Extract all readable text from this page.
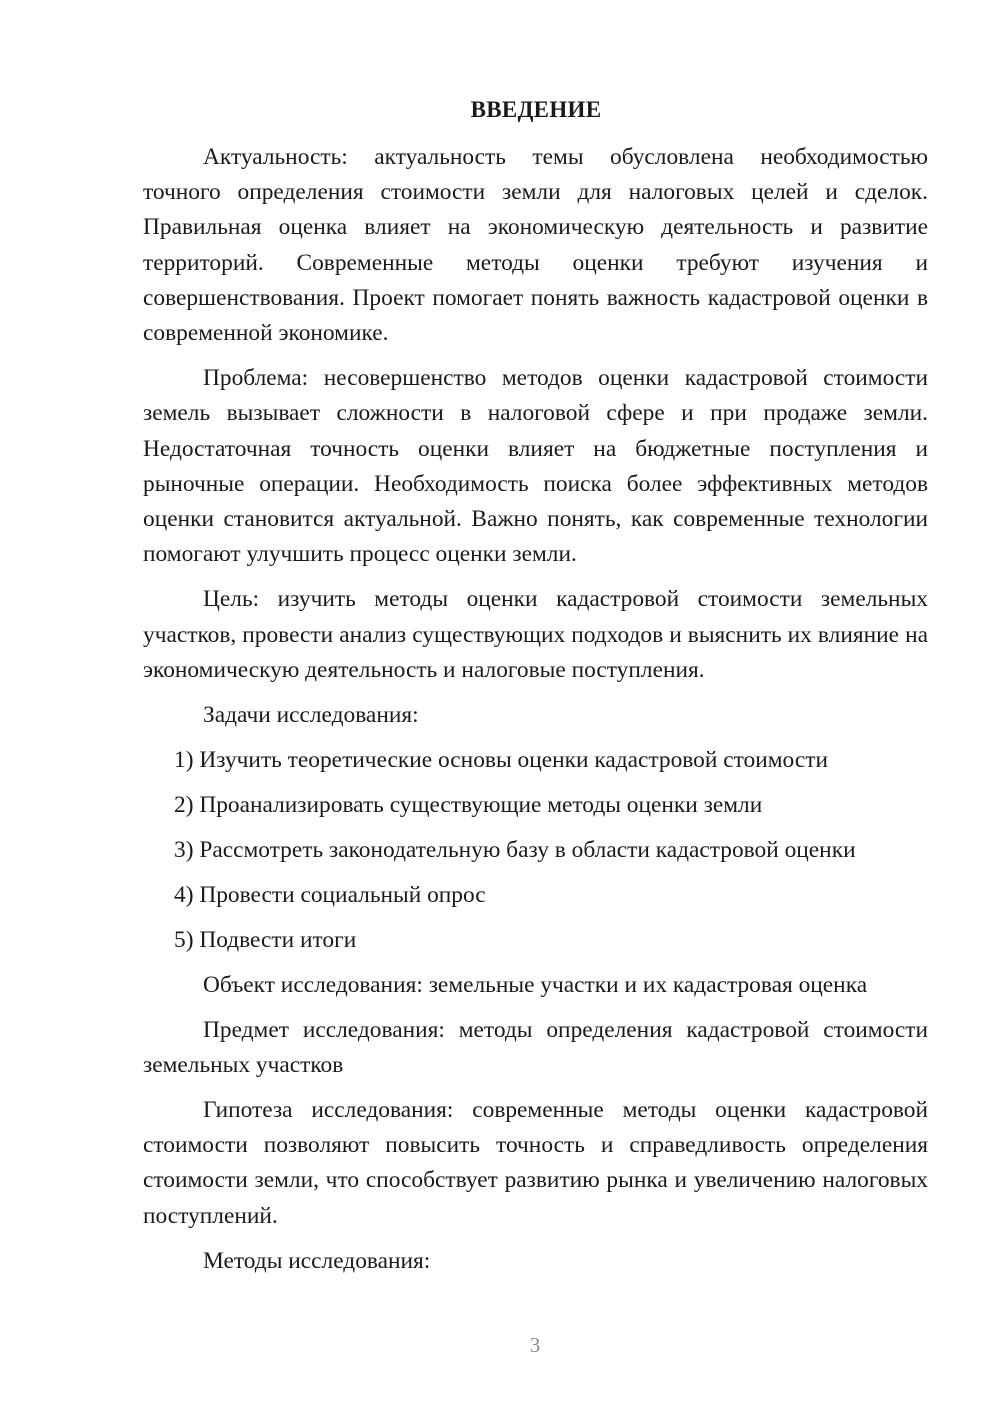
ВВЕДЕНИЕ

Актуальность: актуальность темы обусловлена необходимостью точного определения стоимости земли для налоговых целей и сделок. Правильная оценка влияет на экономическую деятельность и развитие территорий. Современные методы оценки требуют изучения и совершенствования. Проект помогает понять важность кадастровой оценки в современной экономике.

Проблема: несовершенство методов оценки кадастровой стоимости земель вызывает сложности в налоговой сфере и при продаже земли. Недостаточная точность оценки влияет на бюджетные поступления и рыночные операции. Необходимость поиска более эффективных методов оценки становится актуальной. Важно понять, как современные технологии помогают улучшить процесс оценки земли.

Цель: изучить методы оценки кадастровой стоимости земельных участков, провести анализ существующих подходов и выяснить их влияние на экономическую деятельность и налоговые поступления.

Задачи исследования:

1) Изучить теоретические основы оценки кадастровой стоимости

2) Проанализировать существующие методы оценки земли

3) Рассмотреть законодательную базу в области кадастровой оценки

4) Провести социальный опрос

5) Подвести итоги

Объект исследования: земельные участки и их кадастровая оценка

Предмет исследования: методы определения кадастровой стоимости земельных участков

Гипотеза исследования: современные методы оценки кадастровой стоимости позволяют повысить точность и справедливость определения стоимости земли, что способствует развитию рынка и увеличению налоговых поступлений.

Методы исследования:

3
